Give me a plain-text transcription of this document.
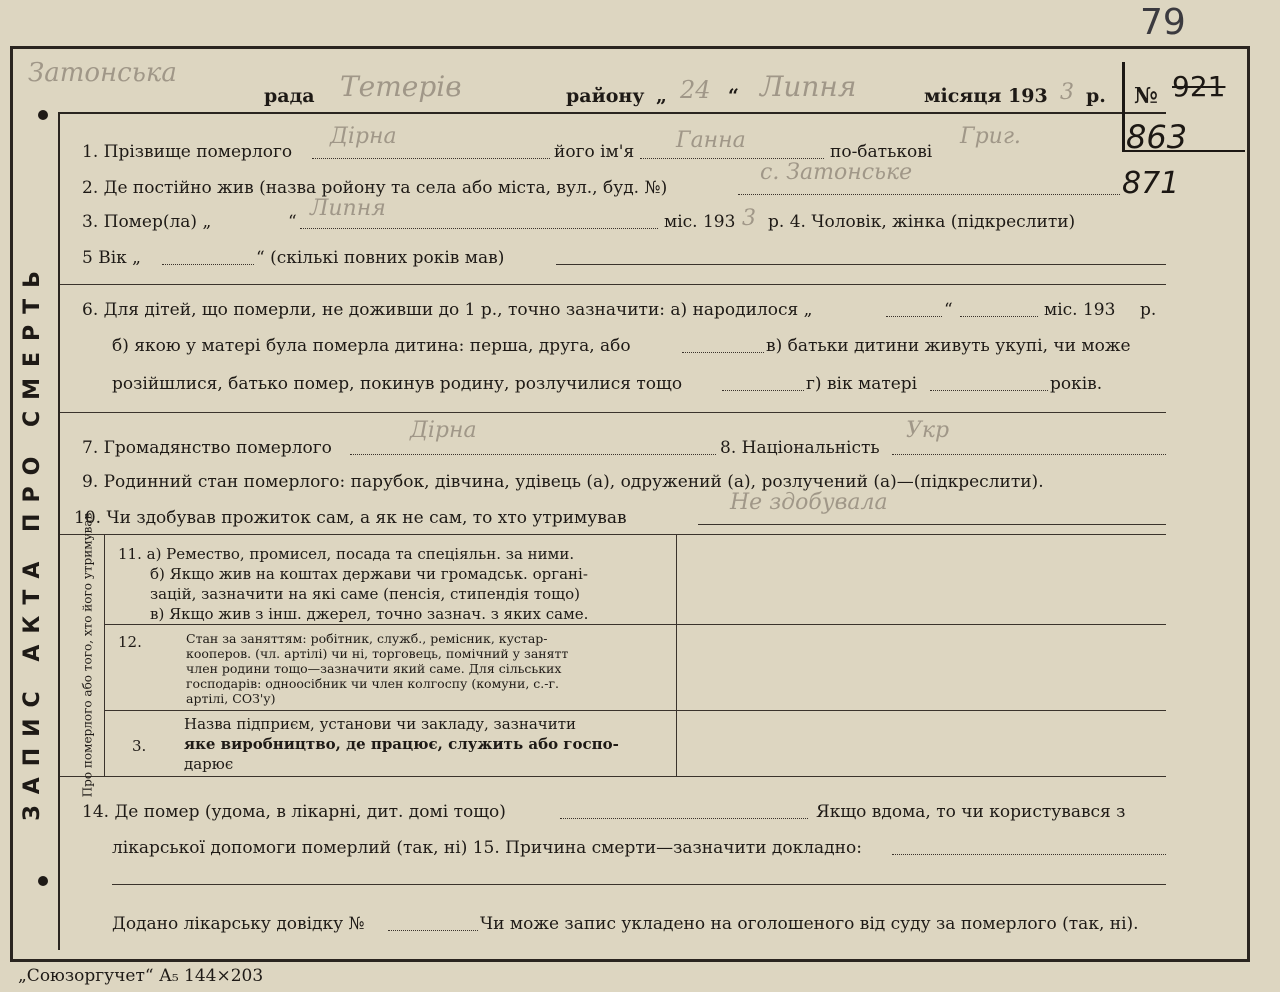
ЗАПИС АКТА ПРО СМЕРТЬ
Затонська	Тетерів	24 Липня	3
79
921
863
871
рада	району „	“	місяця 193 р. №
1. Прізвище померлого
Дірна
його ім'я Ганна	по-батькові
Григ.
2. Де постійно жив (назва ройону та села або міста, вул., буд. №)
с. Затонське
3. Помер(ла) „	“
Липня
міс. 193 3 р. 4. Чоловік, жінка (підкреслити)
5 Вік „	“ (скількі повних років мав)
6. Для дітей, що померли, не доживши до 1 р., точно зазначити: а) народилося „	“	міс. 193 р.
б) якою у матері була померла дитина: перша, друга, або	в) батьки дитини живуть укупі, чи може
розійшлися, батько помер, покинув родину, розлучилися тощо	г) вік матері	років.
7. Громадянство померлого
Дірна
8. Національність
Укр
9. Родинний стан померлого: парубок, дівчина, удівець (а), одружений (а), розлучений (а)—(підкреслити).
10. Чи здобував прожиток сам, а як не сам, то хто утримував
Не здобувала
Про померлого або того, хто його утримував 11. а) Ремество, промисел, посада та спеціяльн. за ними.
б) Якщо жив на коштах держави чи громадськ. органі-
зацій, зазначити на які саме (пенсія, стипендія тощо)
в) Якщо жив з інш. джерел, точно зазнач. з яких саме.
12.	Стан за заняттям: робітник, служб., ремісник, кустар-
кооперов. (чл. артілі) чи ні, торговець, помічний у занятт
член родини тощо—зазначити який саме. Для сільських
господарів: одноосібник чи член колгоспу (комуни, с.-г.
артілі, СОЗ'у)
3.
Назва підприєм, установи чи закладу, зазначити
яке виробництво, де працює, служить або госпо-
дарює
14. Де помер (удома, в лікарні, дит. домі тощо)	Якщо вдома, то чи користувався з
лікарської допомоги померлий (так, ні) 15. Причина смерти—зазначити докладно:
Додано лікарську довідку №	Чи може запис укладено на оголошеного від суду за померлого (так, ні).
„Союзоргучет“ А₅ 144×203
